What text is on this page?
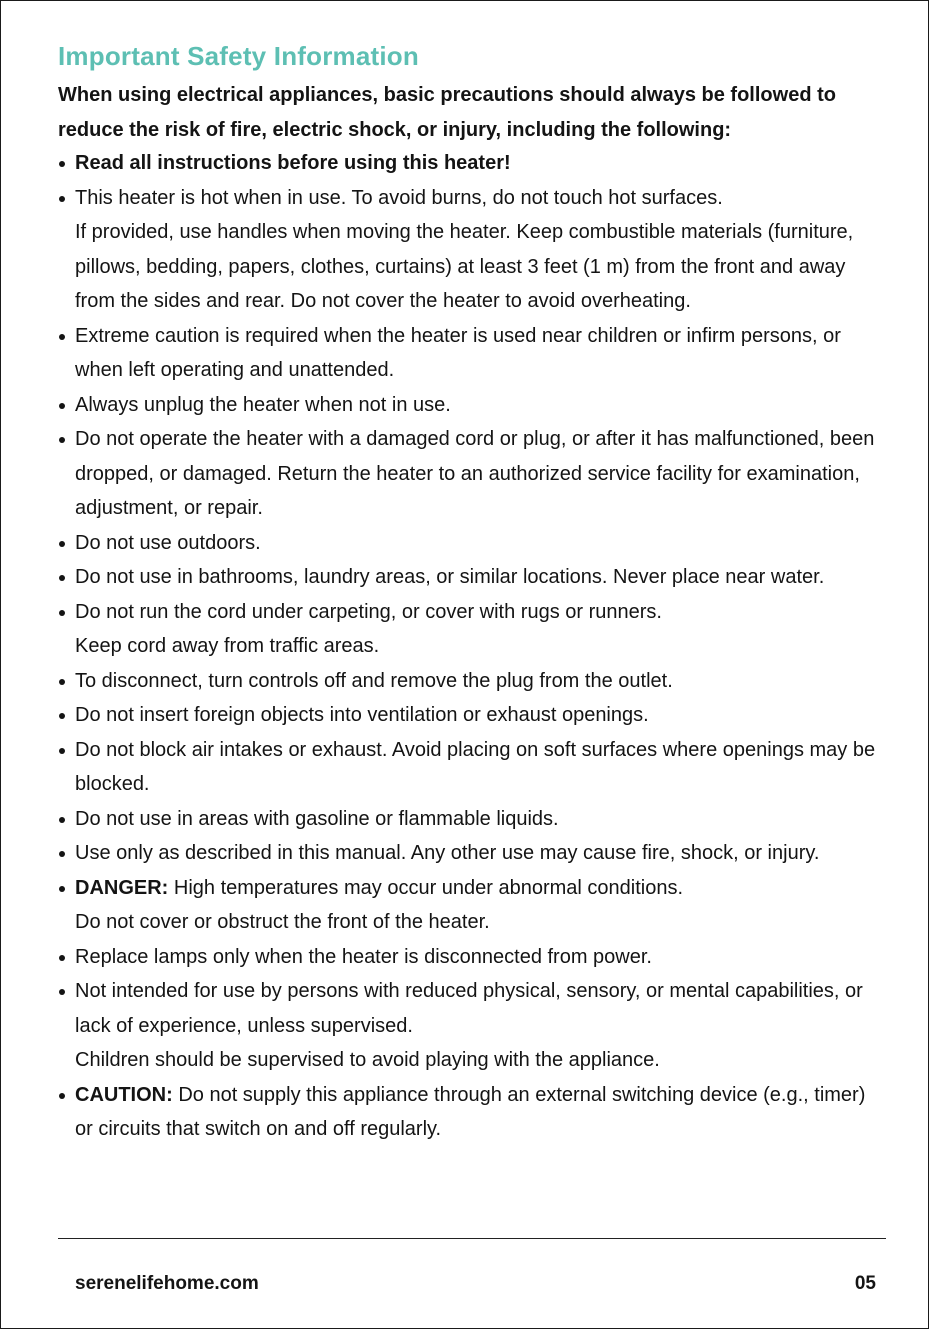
Important Safety Information
When using electrical appliances, basic precautions should always be followed to reduce the risk of fire, electric shock, or injury, including the following:
Read all instructions before using this heater!
This heater is hot when in use. To avoid burns, do not touch hot surfaces.
If provided, use handles when moving the heater. Keep combustible materials (furniture, pillows, bedding, papers, clothes, curtains) at least 3 feet (1 m) from the front and away from the sides and rear. Do not cover the heater to avoid overheating.
Extreme caution is required when the heater is used near children or infirm persons, or when left operating and unattended.
Always unplug the heater when not in use.
Do not operate the heater with a damaged cord or plug, or after it has malfunctioned, been dropped, or damaged. Return the heater to an authorized service facility for examination, adjustment, or repair.
Do not use outdoors.
Do not use in bathrooms, laundry areas, or similar locations. Never place near water.
Do not run the cord under carpeting, or cover with rugs or runners.
Keep cord away from traffic areas.
To disconnect, turn controls off and remove the plug from the outlet.
Do not insert foreign objects into ventilation or exhaust openings.
Do not block air intakes or exhaust. Avoid placing on soft surfaces where openings may be blocked.
Do not use in areas with gasoline or flammable liquids.
Use only as described in this manual. Any other use may cause fire, shock, or injury.
DANGER: High temperatures may occur under abnormal conditions.
Do not cover or obstruct the front of the heater.
Replace lamps only when the heater is disconnected from power.
Not intended for use by persons with reduced physical, sensory, or mental capabilities, or lack of experience, unless supervised.
Children should be supervised to avoid playing with the appliance.
CAUTION: Do not supply this appliance through an external switching device (e.g., timer) or circuits that switch on and off regularly.
serenelifehome.com	05
